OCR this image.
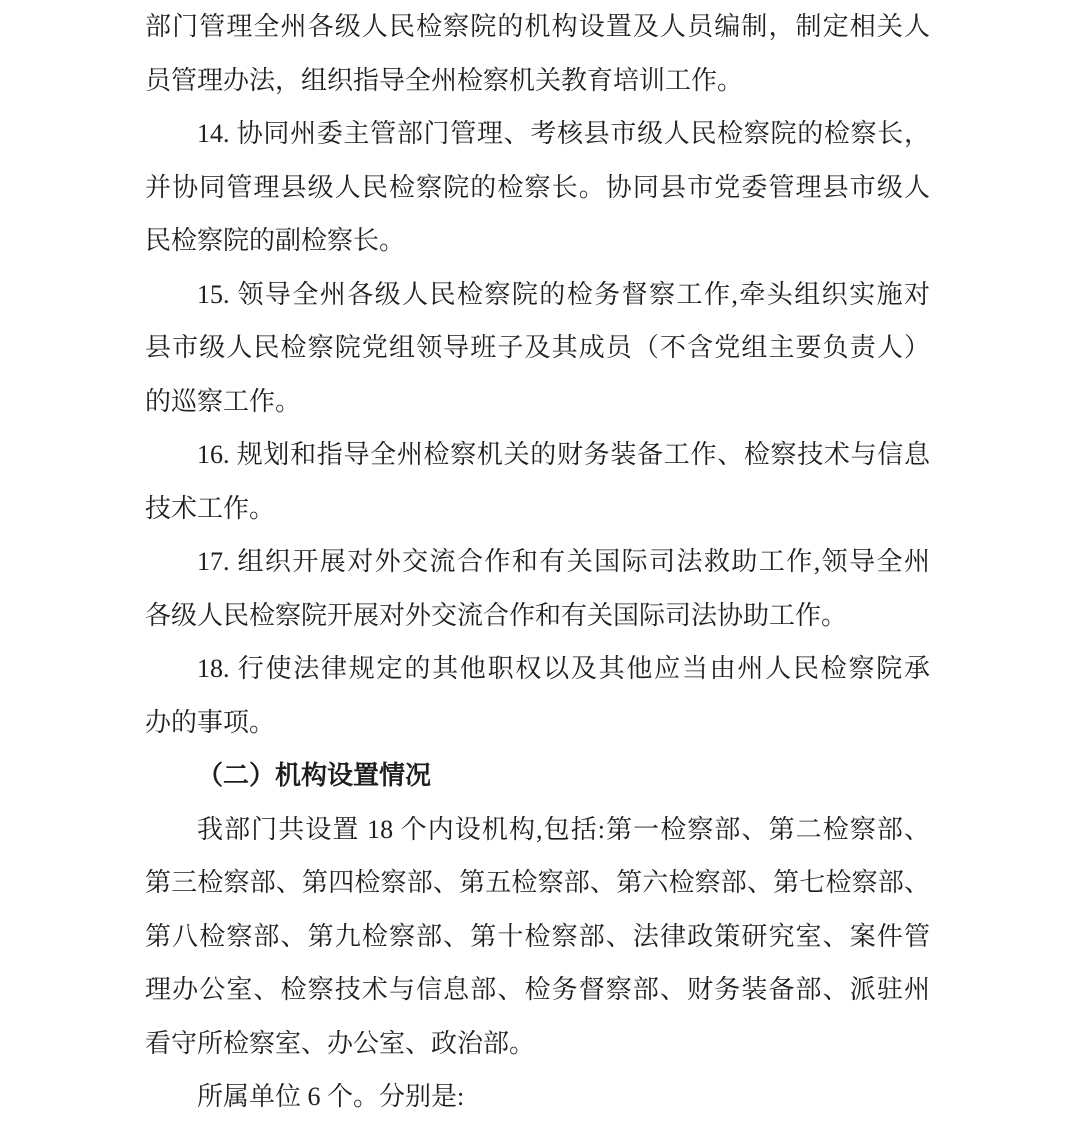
部门管理全州各级人民检察院的机构设置及人员编制，制定相关人
员管理办法，组织指导全州检察机关教育培训工作。
14. 协同州委主管部门管理、考核县市级人民检察院的检察长，
并协同管理县级人民检察院的检察长。协同县市党委管理县市级人
民检察院的副检察长。
15. 领导全州各级人民检察院的检务督察工作,牵头组织实施对
县市级人民检察院党组领导班子及其成员（不含党组主要负责人）
的巡察工作。
16. 规划和指导全州检察机关的财务装备工作、检察技术与信息
技术工作。
17. 组织开展对外交流合作和有关国际司法救助工作,领导全州
各级人民检察院开展对外交流合作和有关国际司法协助工作。
18. 行使法律规定的其他职权以及其他应当由州人民检察院承
办的事项。
（二）机构设置情况
我部门共设置 18 个内设机构,包括:第一检察部、第二检察部、
第三检察部、第四检察部、第五检察部、第六检察部、第七检察部、
第八检察部、第九检察部、第十检察部、法律政策研究室、案件管
理办公室、检察技术与信息部、检务督察部、财务装备部、派驻州
看守所检察室、办公室、政治部。
所属单位 6 个。分别是:
